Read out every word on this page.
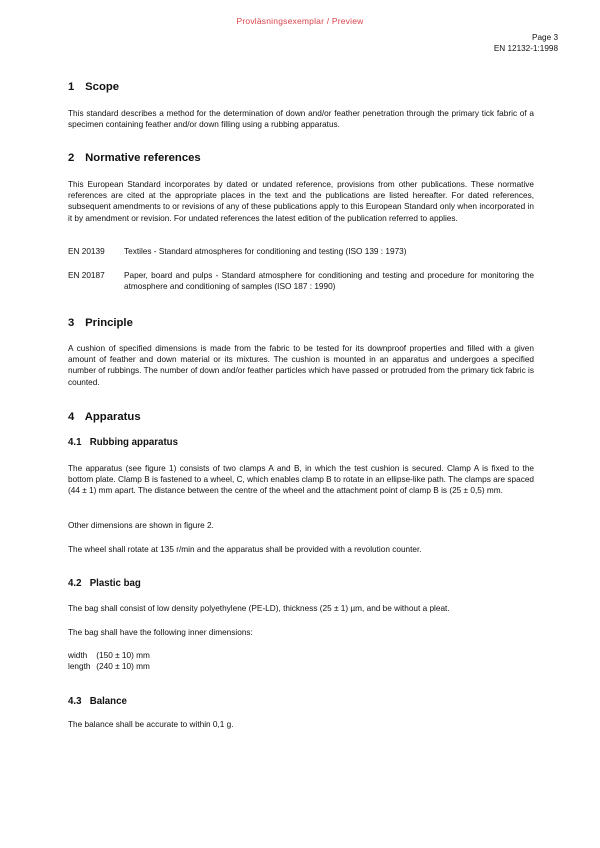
Provläsningsexemplar / Preview
Page 3
EN 12132-1:1998
1 Scope

This standard describes a method for the determination of down and/or feather penetration through the primary tick fabric of a specimen containing feather and/or down filling using a rubbing apparatus.

2 Normative references

This European Standard incorporates by dated or undated reference, provisions from other publications. These normative references are cited at the appropriate places in the text and the publications are listed hereafter. For dated references, subsequent amendments to or revisions of any of these publications apply to this European Standard only when incorporated in it by amendment or revision. For undated references the latest edition of the publication referred to applies.

EN 20139	Textiles - Standard atmospheres for conditioning and testing (ISO 139 : 1973)
EN 20187	Paper, board and pulps - Standard atmosphere for conditioning and testing and procedure for monitoring the atmosphere and conditioning of samples (ISO 187 : 1990)
3 Principle

A cushion of specified dimensions is made from the fabric to be tested for its downproof properties and filled with a given amount of feather and down material or its mixtures. The cushion is mounted in an apparatus and undergoes a specified number of rubbings. The number of down and/or feather particles which have passed or protruded from the primary tick fabric is counted.

4 Apparatus
4.1 Rubbing apparatus

The apparatus (see figure 1) consists of two clamps A and B, in which the test cushion is secured. Clamp A is fixed to the bottom plate. Clamp B is fastened to a wheel, C, which enables clamp B to rotate in an ellipse-like path. The clamps are spaced (44 ± 1) mm apart. The distance between the centre of the wheel and the attachment point of clamp B is (25 ± 0,5) mm.

Other dimensions are shown in figure 2.

The wheel shall rotate at 135 r/min and the apparatus shall be provided with a revolution counter.

4.2 Plastic bag

The bag shall consist of low density polyethylene (PE-LD), thickness (25 ± 1) µm, and be without a pleat.

The bag shall have the following inner dimensions:

width (150 ± 10) mm
length (240 ± 10) mm
4.3 Balance

The balance shall be accurate to within 0,1 g.
